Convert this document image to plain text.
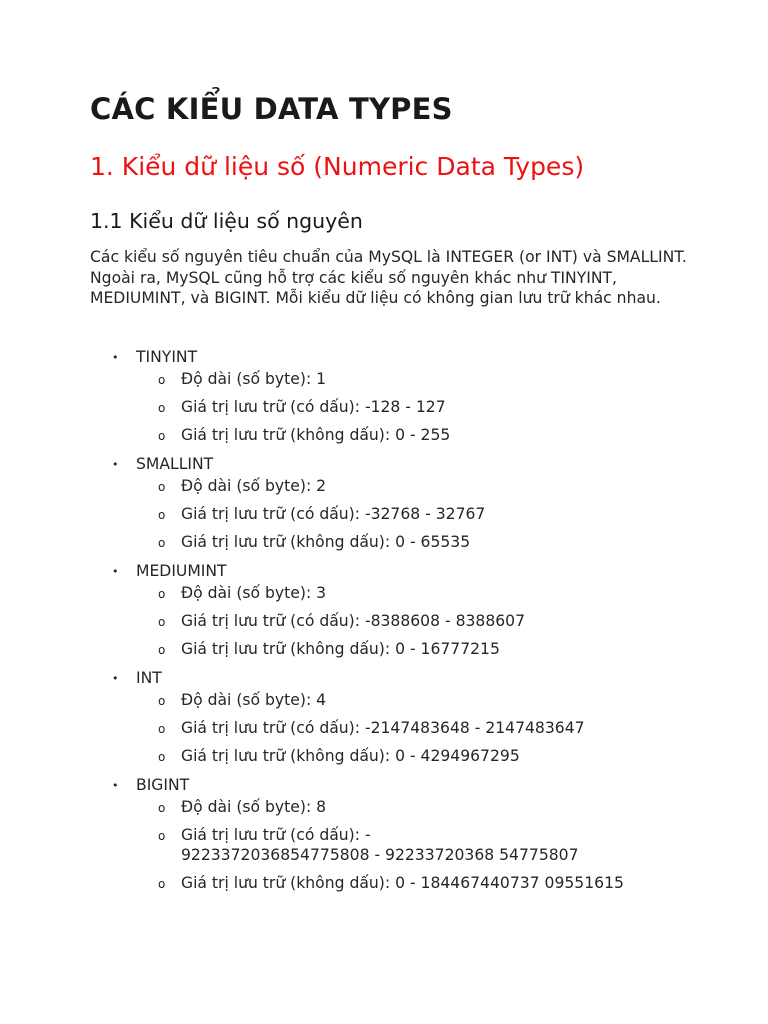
CÁC KIỂU DATA TYPES
1. Kiểu dữ liệu số (Numeric Data Types)
1.1 Kiểu dữ liệu số nguyên

Các kiểu số nguyên tiêu chuẩn của MySQL là INTEGER (or INT) và SMALLINT. Ngoài ra, MySQL cũng hỗ trợ các kiểu số nguyên khác như TINYINT, MEDIUMINT, và BIGINT. Mỗi kiểu dữ liệu có không gian lưu trữ khác nhau.

• TINYINT
o Độ dài (số byte): 1
o Giá trị lưu trữ (có dấu): -128 - 127
o Giá trị lưu trữ (không dấu): 0 - 255
• SMALLINT
o Độ dài (số byte): 2
o Giá trị lưu trữ (có dấu): -32768 - 32767
o Giá trị lưu trữ (không dấu): 0 - 65535
• MEDIUMINT
o Độ dài (số byte): 3
o Giá trị lưu trữ (có dấu): -8388608 - 8388607
o Giá trị lưu trữ (không dấu): 0 - 16777215
• INT
o Độ dài (số byte): 4
o Giá trị lưu trữ (có dấu): -2147483648 - 2147483647
o Giá trị lưu trữ (không dấu): 0 - 4294967295
• BIGINT
o Độ dài (số byte): 8
o Giá trị lưu trữ (có dấu): -
9223372036854775808 - 92233720368 54775807
o Giá trị lưu trữ (không dấu): 0 - 184467440737 09551615
